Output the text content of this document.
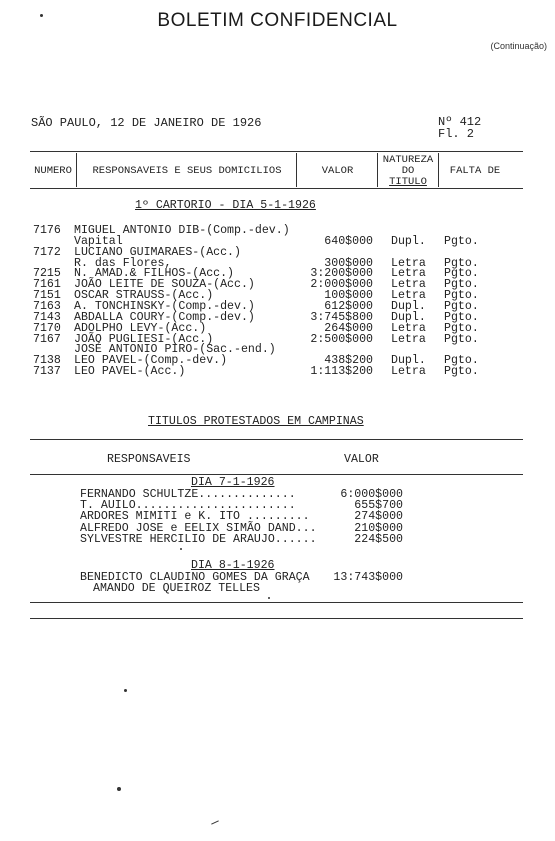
BOLETIM CONFIDENCIAL
(Continuação)
SÃO PAULO, 12 DE JANEIRO DE 1926	Nº 412
Fl. 2
NUMERO	RESPONSAVEIS E SEUS DOMICILIOS	VALOR
NATUREZA
DO
TITULO
FALTA DE
1º CARTORIO - DIA 5-1-1926
7176 MIGUEL ANTONIO DIB-(Comp.-dev.)
Vapital	640$000 Dupl. Pgto.
7172 LUCIANO GUIMARAES-(Acc.)
R. das Flores,	300$000 Letra Pgto.
7215 N. AMAD.& FILHOS-(Acc.)	3:200$000 Letra Pgto.
7161 JOÃO LEITE DE SOUZA-(Acc.)	2:000$000 Letra Pgto.
7151 OSCAR STRAUSS-(Acc.)	100$000 Letra Pgto.
7163 A. TONCHINSKY-(Comp.-dev.)	612$000 Dupl. Pgto.
7143 ABDALLA COURY-(Comp.-dev.)	3:745$800 Dupl. Pgto.
7170 ADOLPHO LEVY-(Acc.)	264$000 Letra Pgto.
7167 JOÃO PUGLIESI-(Acc.)	2:500$000 Letra Pgto.
JOSÉ ANTONIO PIRO-(Sac.-end.)
7138 LEO PAVEL-(Comp.-dev.)	438$200 Dupl. Pgto.
7137 LEO PAVEL-(Acc.)	1:113$200 Letra Pgto.
TITULOS PROTESTADOS EM CAMPINAS
RESPONSAVEIS	VALOR
DIA 7-1-1926
FERNANDO SCHULTZE..............	6:000$000
T. AUILO.......................	655$700
ARDORES MIMITI e K. ITO .........	274$000
ALFREDO JOSE e EELIX SIMÃO DAND...	210$000
SYLVESTRE HERCILIO DE ARAUJO......	224$500
DIA 8-1-1926
BENEDICTO CLAUDINO GOMES DA GRAÇA 13:743$000
AMANDO DE QUEIROZ TELLES
